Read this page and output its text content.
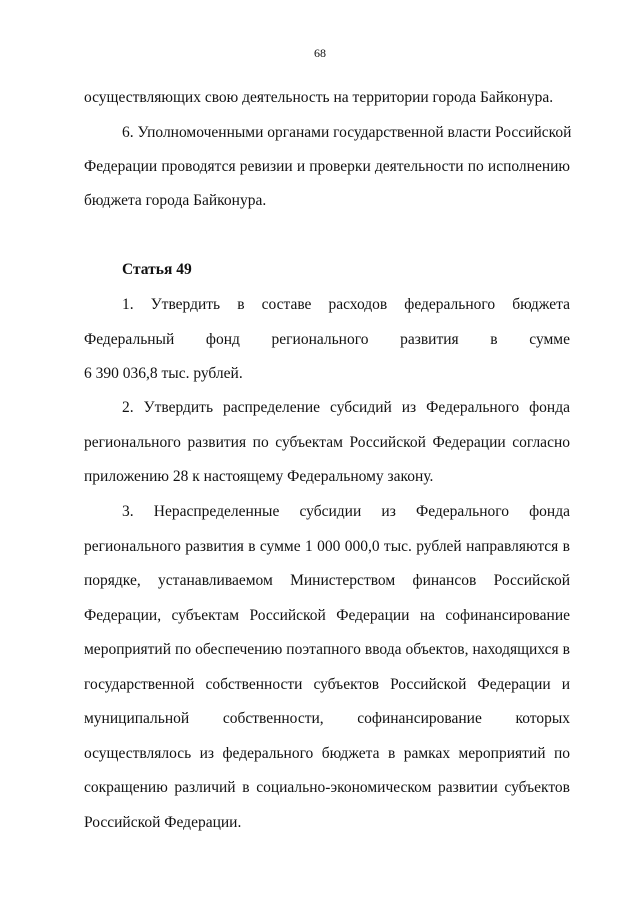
68
осуществляющих свою деятельность на территории города Байконура.
6. Уполномоченными органами государственной власти Российской
Федерации проводятся ревизии и проверки деятельности по исполнению
бюджета города Байконура.
Статья 49
1. Утвердить в составе расходов федерального бюджета
Федеральный фонд регионального развития в сумме
6 390 036,8 тыс. рублей.
2. Утвердить распределение субсидий из Федерального фонда
регионального развития по субъектам Российской Федерации согласно
приложению 28 к настоящему Федеральному закону.
3. Нераспределенные субсидии из Федерального фонда
регионального развития в сумме 1 000 000,0 тыс. рублей направляются в
порядке, устанавливаемом Министерством финансов Российской
Федерации, субъектам Российской Федерации на софинансирование
мероприятий по обеспечению поэтапного ввода объектов, находящихся в
государственной собственности субъектов Российской Федерации и
муниципальной собственности, софинансирование которых
осуществлялось из федерального бюджета в рамках мероприятий по
сокращению различий в социально-экономическом развитии субъектов
Российской Федерации.
